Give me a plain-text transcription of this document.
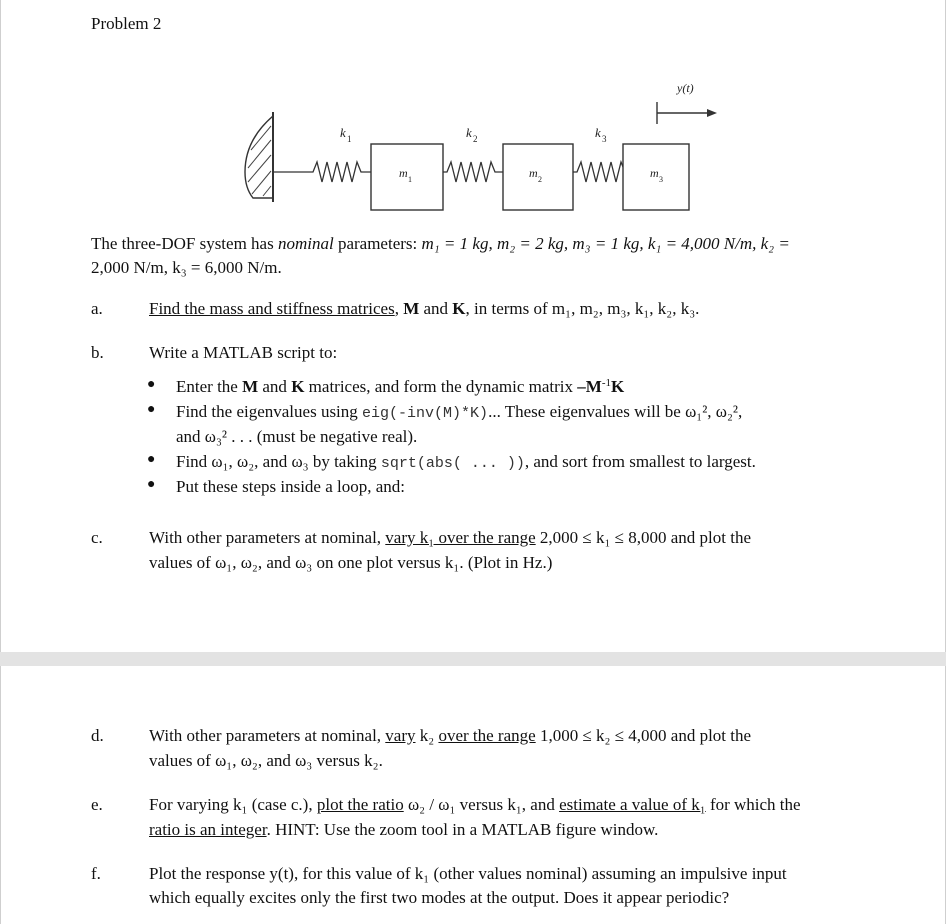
Problem 2
k 1
m 1
k 2
m 2
k 3
m 3
y(t)
The three-DOF system has nominal parameters: m₁ = 1 kg, m₂ = 2 kg, m₃ = 1 kg, k₁ = 4,000 N/m, k₂ =
2,000 N/m, k₃ = 6,000 N/m.
a.	Find the mass and stiffness matrices, M and K, in terms of m₁, m₂, m₃, k₁, k₂, k₃.
b.	Write a MATLAB script to:
● Enter the M and K matrices, and form the dynamic matrix $-M^{-1}K$
● Find the eigenvalues using eig(-inv(M)*K)... These eigenvalues will be ω₁², ω₂²,
and ω₃² . . . (must be negative real).
● Find ω₁, ω₂, and ω₃ by taking sqrt(abs( ... )), and sort from smallest to largest.
● Put these steps inside a loop, and:
c.	With other parameters at nominal, vary k₁ over the range 2,000 ≤ k₁ ≤ 8,000 and plot the
values of ω₁, ω₂, and ω₃ on one plot versus k₁. (Plot in Hz.)
d.	With other parameters at nominal, vary k₂ over the range 1,000 ≤ k₂ ≤ 4,000 and plot the
values of ω₁, ω₂, and ω₃ versus k₂.
e.	For varying k₁ (case c.), plot the ratio ω₂ / ω₁ versus k₁, and estimate a value of k₁ for which the
ratio is an integer. HINT: Use the zoom tool in a MATLAB figure window.
f.	Plot the response y(t), for this value of k₁ (other values nominal) assuming an impulsive input
which equally excites only the first two modes at the output. Does it appear periodic?
